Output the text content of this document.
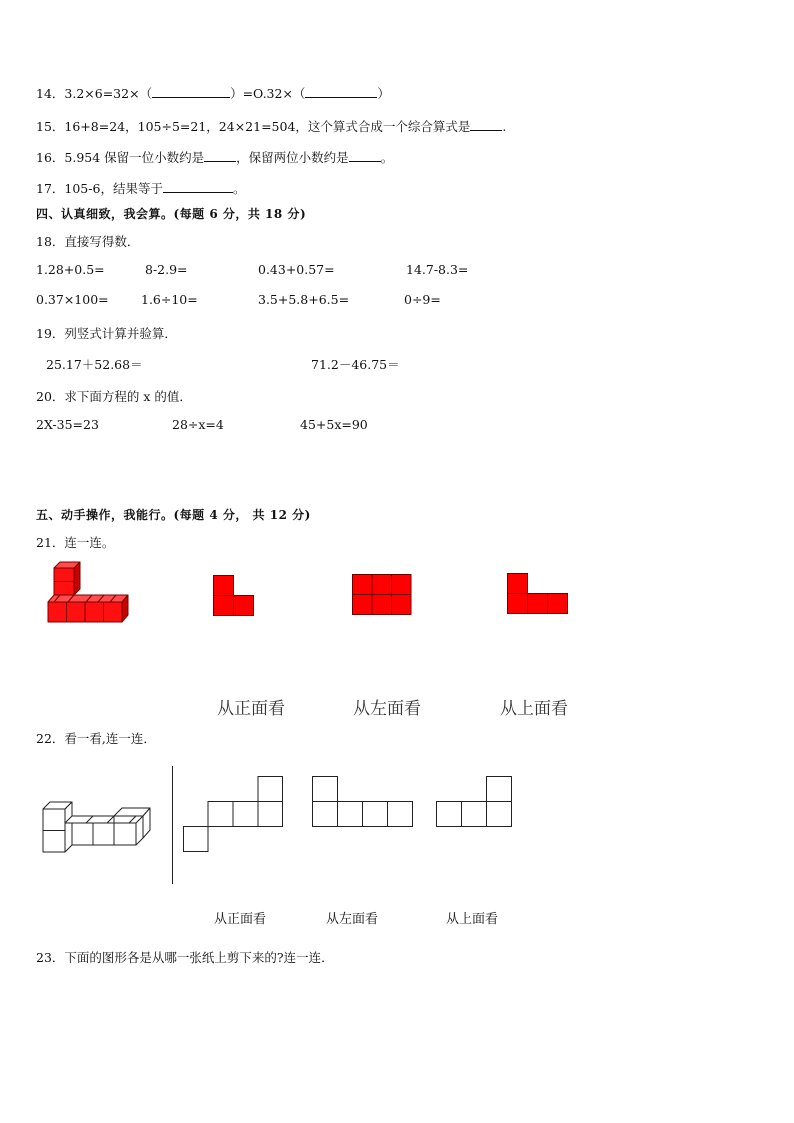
14．3.2×6=32×（	）=O.32×（	）
15．16+8=24，105÷5=21，24×21=504，这个算式合成一个综合算式是	.
16．5.954 保留一位小数约是	，保留两位小数约是	。
17．105-6，结果等于	。
四、认真细致，我会算。(每题 6 分，共 18 分)
18．直接写得数．
1.28+0.5=	8-2.9=	0.43+0.57=	14.7-8.3=
0.37×100=	1.6÷10=	3.5+5.8+6.5=	0÷9=
19．列竖式计算并验算．
25.17＋52.68＝	71.2－46.75＝
20．求下面方程的 x 的值．
2X-35=23	28÷x=4	45+5x=90
五、动手操作，我能行。(每题 4 分， 共 12 分)
21．连一连。
从正面看	从左面看	从上面看
22．看一看,连一连．
从正面看	从左面看	从上面看
23．下面的图形各是从哪一张纸上剪下来的?连一连．
